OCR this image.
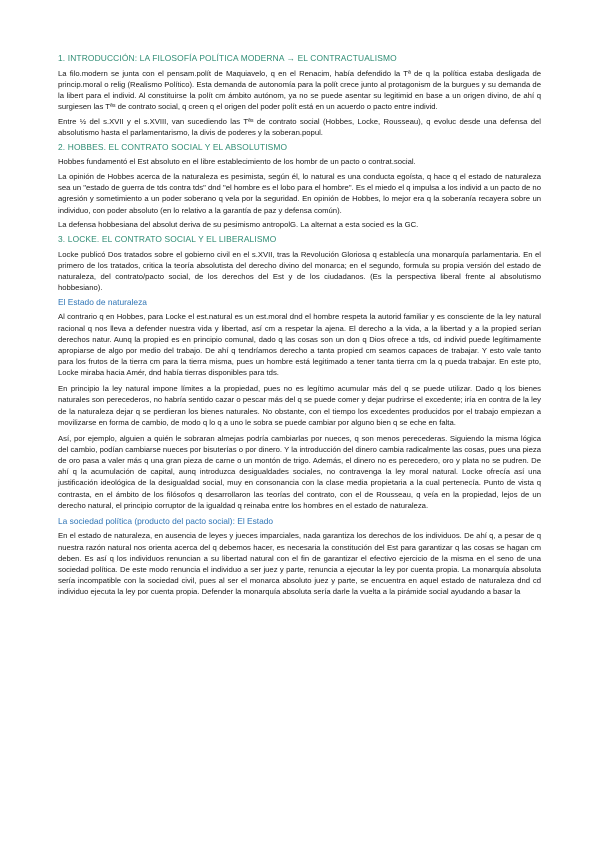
1. INTRODUCCIÓN: LA FILOSOFÍA POLÍTICA MODERNA → EL CONTRACTUALISMO

La filo.modern se junta con el pensam.polít de Maquiavelo, q en el Renacim, había defendido la Tª de q la política estaba desligada de princip.moral o relig (Realismo Político). Esta demanda de autonomía para la polít crece junto al protagonism de la burgues y su demanda de la libert para el individ. Al constituirse la polít cm ámbito autónom, ya no se puede asentar su legitimid en base a un origen divino, de ahí q surgiesen las Tªˢ de contrato social, q creen q el origen del poder polít está en un acuerdo o pacto entre individ.

Entre ½ del s.XVII y el s.XVIII, van sucediendo las Tªˢ de contrato social (Hobbes, Locke, Rousseau), q evoluc desde una defensa del absolutismo hasta el parlamentarismo, la divis de poderes y la soberan.popul.

2. HOBBES. EL CONTRATO SOCIAL Y EL ABSOLUTISMO

Hobbes fundamentó el Est absoluto en el libre establecimiento de los hombr de un pacto o contrat.social.

La opinión de Hobbes acerca de la naturaleza es pesimista, según él, lo natural es una conducta egoísta, q hace q el estado de naturaleza sea un "estado de guerra de tds contra tds" dnd "el hombre es el lobo para el hombre". Es el miedo el q impulsa a los individ a un pacto de no agresión y sometimiento a un poder soberano q vela por la seguridad. En opinión de Hobbes, lo mejor era q la soberanía recayera sobre un individuo, con poder absoluto (en lo relativo a la garantía de paz y defensa común).

La defensa hobbesiana del absolut deriva de su pesimismo antropolG. La alternat a esta socied es la GC.

3. LOCKE. EL CONTRATO SOCIAL Y EL LIBERALISMO

Locke publicó Dos tratados sobre el gobierno civil en el s.XVII, tras la Revolución Gloriosa q establecía una monarquía parlamentaria. En el primero de los tratados, critica la teoría absolutista del derecho divino del monarca; en el segundo, formula su propia versión del estado de naturaleza, del contrato/pacto social, de los derechos del Est y de los ciudadanos. (Es la perspectiva liberal frente al absolutismo hobbesiano).

El Estado de naturaleza

Al contrario q en Hobbes, para Locke el est.natural es un est.moral dnd el hombre respeta la autorid familiar y es consciente de la ley natural racional q nos lleva a defender nuestra vida y libertad, así cm a respetar la ajena. El derecho a la vida, a la libertad y a la propied serían derechos natur. Aunq la propied es en principio comunal, dado q las cosas son un don q Dios ofrece a tds, cd individ puede legítimamente apropiarse de algo por medio del trabajo. De ahí q tendríamos derecho a tanta propied cm seamos capaces de trabajar. Y esto vale tanto para los frutos de la tierra cm para la tierra misma, pues un hombre está legitimado a tener tanta tierra cm la q pueda trabajar. En este pto, Locke miraba hacia Amér, dnd había tierras disponibles para tds.

En principio la ley natural impone límites a la propiedad, pues no es legítimo acumular más del q se puede utilizar. Dado q los bienes naturales son perecederos, no habría sentido cazar o pescar más del q se puede comer y dejar pudrirse el excedente; iría en contra de la ley de la naturaleza dejar q se perdieran los bienes naturales. No obstante, con el tiempo los excedentes producidos por el trabajo empiezan a movilizarse en forma de cambio, de modo q lo q a uno le sobra se puede cambiar por alguno bien q se eche en falta.

Así, por ejemplo, alguien a quién le sobraran almejas podría cambiarlas por nueces, q son menos perecederas. Siguiendo la misma lógica del cambio, podían cambiarse nueces por bisuterías o por dinero. Y la introducción del dinero cambia radicalmente las cosas, pues una pieza de oro pasa a valer más q una gran pieza de carne o un montón de trigo. Además, el dinero no es perecedero, oro y plata no se pudren. De ahí q la acumulación de capital, aunq introduzca desigualdades sociales, no contravenga la ley moral natural. Locke ofrecía así una justificación ideológica de la desigualdad social, muy en consonancia con la clase media propietaria a la cual pertenecía. Punto de vista q contrasta, en el ámbito de los filósofos q desarrollaron las teorías del contrato, con el de Rousseau, q veía en la propiedad, lejos de un derecho natural, el principio corruptor de la igualdad q reinaba entre los hombres en el estado de naturaleza.

La sociedad política (producto del pacto social): El Estado

En el estado de naturaleza, en ausencia de leyes y jueces imparciales, nada garantiza los derechos de los individuos. De ahí q, a pesar de q nuestra razón natural nos orienta acerca del q debemos hacer, es necesaria la constitución del Est para garantizar q las cosas se hagan cm deben. Es así q los individuos renuncian a su libertad natural con el fin de garantizar el efectivo ejercicio de la misma en el seno de una sociedad política. De este modo renuncia el individuo a ser juez y parte, renuncia a ejecutar la ley por cuenta propia. La monarquía absoluta sería incompatible con la sociedad civil, pues al ser el monarca absoluto juez y parte, se encuentra en aquel estado de naturaleza dnd cd individuo ejecuta la ley por cuenta propia. Defender la monarquía absoluta sería darle la vuelta a la pirámide social ayudando a basar la
